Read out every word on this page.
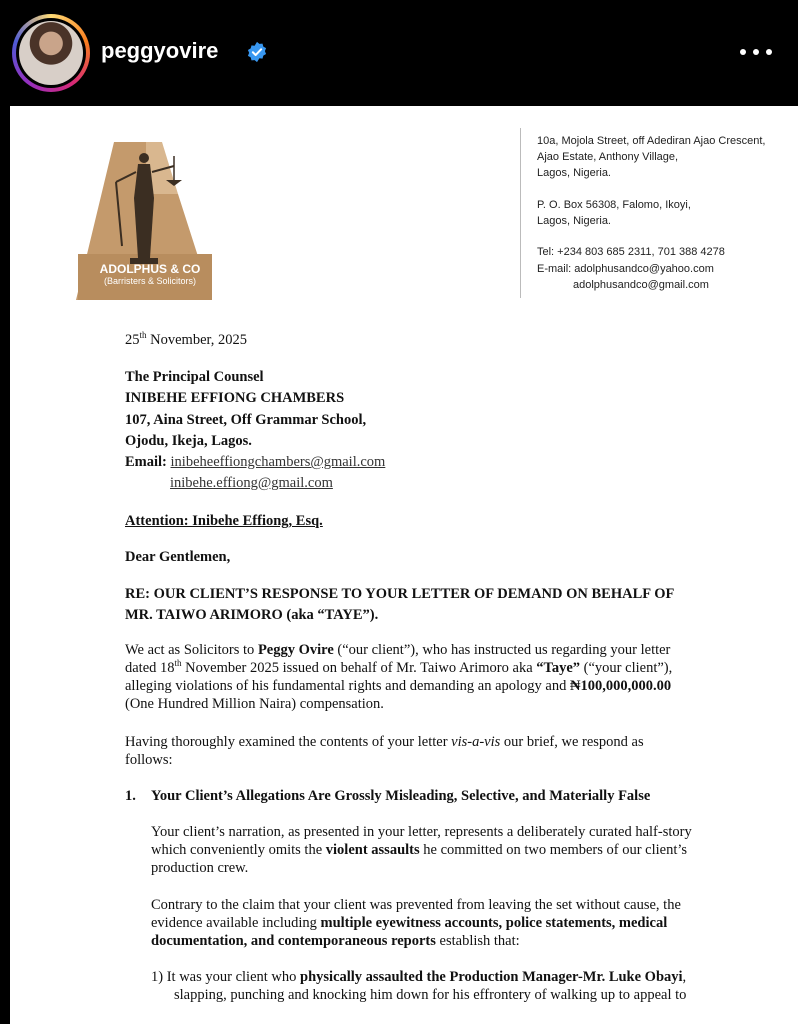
peggyovire
ADOLPHUS & CO
(Barristers & Solicitors)
10a, Mojola Street, off Adediran Ajao Crescent,
Ajao Estate, Anthony Village,
Lagos, Nigeria.
P. O. Box 56308, Falomo, Ikoyi,
Lagos, Nigeria.
Tel: +234 803 685 2311, 701 388 4278
E-mail: adolphusandco@yahoo.com
adolphusandco@gmail.com
25th November, 2025
The Principal Counsel
INIBEHE EFFIONG CHAMBERS
107, Aina Street, Off Grammar School,
Ojodu, Ikeja, Lagos.
Email: inibeheeffiongchambers@gmail.com
inibehe.effiong@gmail.com
Attention: Inibehe Effiong, Esq.
Dear Gentlemen,
RE: OUR CLIENT’S RESPONSE TO YOUR LETTER OF DEMAND ON BEHALF OF
MR. TAIWO ARIMORO (aka “TAYE”).
We act as Solicitors to Peggy Ovire (“our client”), who has instructed us regarding your letter
dated 18th November 2025 issued on behalf of Mr. Taiwo Arimoro aka “Taye” (“your client”),
alleging violations of his fundamental rights and demanding an apology and ₦100,000,000.00
(One Hundred Million Naira) compensation.
Having thoroughly examined the contents of your letter vis-a-vis our brief, we respond as
follows:
1. Your Client’s Allegations Are Grossly Misleading, Selective, and Materially False
Your client’s narration, as presented in your letter, represents a deliberately curated half-story
which conveniently omits the violent assaults he committed on two members of our client’s
production crew.
Contrary to the claim that your client was prevented from leaving the set without cause, the
evidence available including multiple eyewitness accounts, police statements, medical
documentation, and contemporaneous reports establish that:
1) It was your client who physically assaulted the Production Manager-Mr. Luke Obayi,
slapping, punching and knocking him down for his effrontery of walking up to appeal to
